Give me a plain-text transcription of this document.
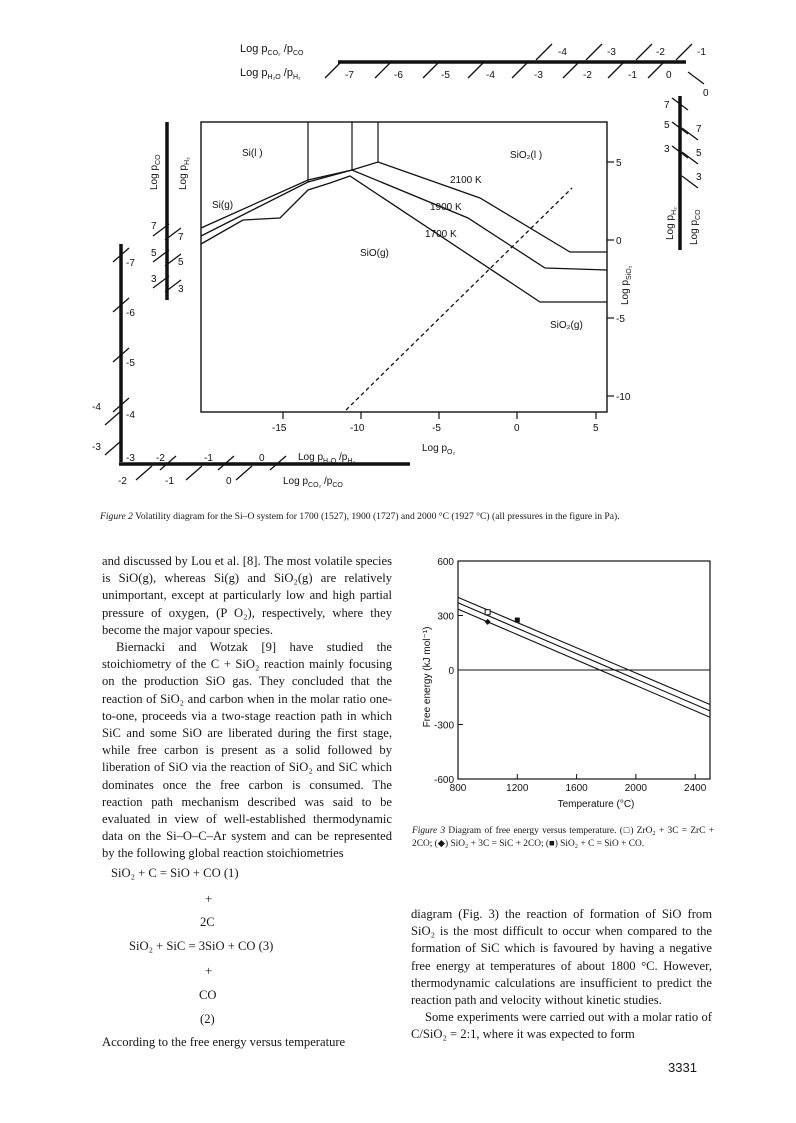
Log $p_{CO_2}$ $/p_{CO}$
Log $p_{H_2O}$ $/p_{H_2}$
-4	-3	-2	-1
-7	-6	-5	-4	-3	-2	-1	0
0
7
5
3
7
5
3
Log $p_{H_2}$
Log $p_{CO}$
5
0
-5
-10
Log $p_{SiO_2}$
-15	-10	-5	0	5
Log $p_{O_2}$
Si(l )	SiO₂(l )
Si(g)
SiO(g)
SiO₂(g)
2100 K
1900 K
1700 K
Log $p_{CO}$
Log $p_{H_2}$
7
5
3
7
5
3
-7
-6
-5
-4
-3
-4
-3 -2	-1	0	Log $p_{H_2O}$ $/p_{H_2}$
-2	-1	0	Log $p_{CO_2}$ $/p_{CO}$
Figure 2 Volatility diagram for the Si–O system for 1700 (1527), 1900 (1727) and 2000 °C (1927 °C) (all pressures in the figure in Pa).

and discussed by Lou et al. [8]. The most volatile species is SiO(g), whereas Si(g) and SiO₂(g) are relatively unimportant, except at particularly low and high partial pressure of oxygen, (P O₂), respectively, where they become the major vapour species.

Biernacki and Wotzak [9] have studied the stoichiometry of the C + SiO₂ reaction mainly focusing on the production SiO gas. They concluded that the reaction of SiO₂ and carbon when in the molar ratio one-to-one, proceeds via a two-stage reaction path in which SiC and some SiO are liberated during the first stage, while free carbon is present as a solid followed by liberation of SiO via the reaction of SiO₂ and SiC which dominates once the free carbon is consumed. The reaction path mechanism described was said to be evaluated in view of well-established thermodynamic data on the Si–O–C–Ar system and can be represented by the following global reaction stoichiometries

SiO₂ + C = SiO + CO (1)
+
2C
SiO₂ + SiC = 3SiO + CO (3)
+
CO
(2)
According to the free energy versus temperature
800	1200	1600	2000	2400
600
300
0
-300
-600
Temperature (°C)
Free energy (kJ mol⁻¹)
Figure 3 Diagram of free energy versus temperature. (□) ZrO₂ + 3C = ZrC + 2CO; (◆) SiO₂ + 3C = SiC + 2CO; (■) SiO₂ + C = SiO + CO.

diagram (Fig. 3) the reaction of formation of SiO from SiO₂ is the most difficult to occur when compared to the formation of SiC which is favoured by having a negative free energy at temperatures of about 1800 °C. However, thermodynamic calculations are insufficient to predict the reaction path and velocity without kinetic studies.

Some experiments were carried out with a molar ratio of C/SiO₂ = 2:1, where it was expected to form

3331
